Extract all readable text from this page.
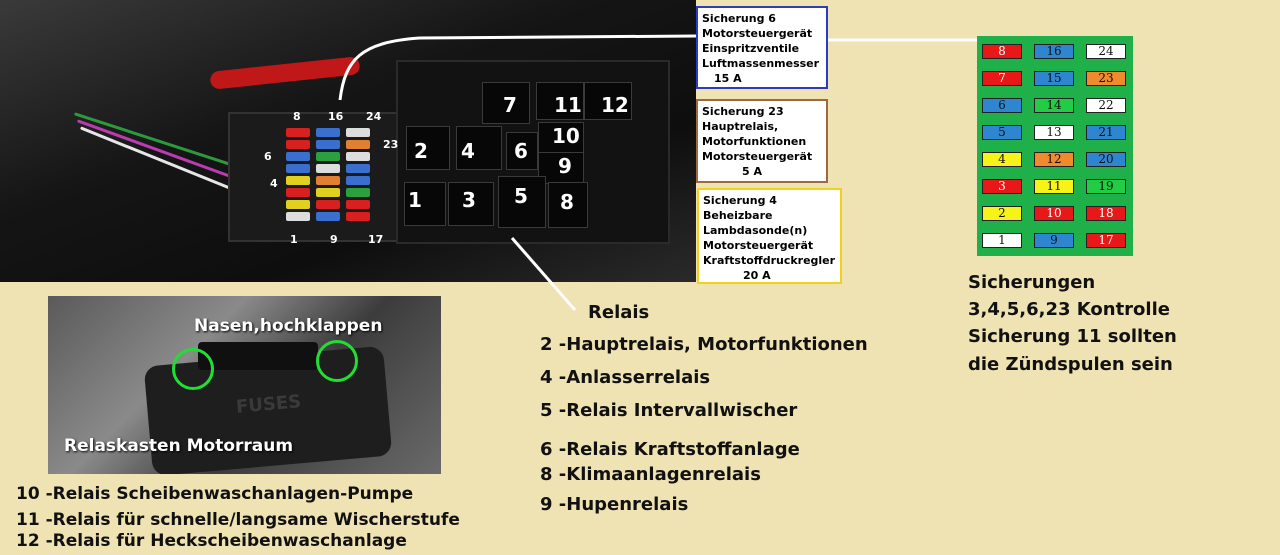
8 16 24
6
4
1	9	17
23
7 11 12
2 4 6
10
9
1 3 5 8
Sicherung 6
Motorsteuergerät
Einspritzventile
Luftmassenmesser
15 A
Sicherung 23
Hauptrelais,
Motorfunktionen
Motorsteuergerät
5 A
Sicherung 4
Beheizbare
Lambdasonde(n)
Motorsteuergerät
Kraftstoffdruckregler
20 A
8	16	24
7	15	23
6	14	22
5	13	21
4	12	20
3	11	19
2	10	18
1	9	17
Sicherungen
3,4,5,6,23 Kontrolle
Sicherung 11 sollten
die Zündspulen sein
FUSES
Nasen,hochklappen
Relaskasten Motorraum
Relais
2 -Hauptrelais, Motorfunktionen
4 -Anlasserrelais
5 -Relais Intervallwischer
6 -Relais Kraftstoffanlage
8 -Klimaanlagenrelais
9 -Hupenrelais
10 -Relais Scheibenwaschanlagen-Pumpe
11 -Relais für schnelle/langsame Wischerstufe
12 -Relais für Heckscheibenwaschanlage
